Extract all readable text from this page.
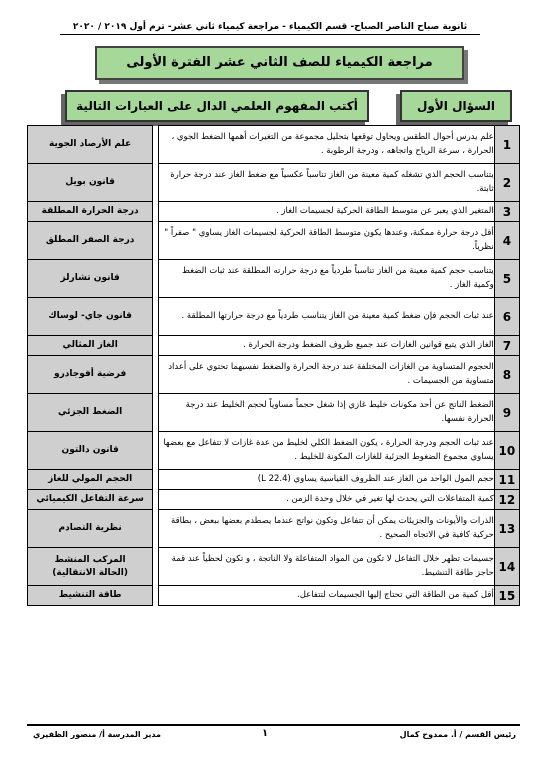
ثانوية صباح الناصر الصباح- قسم الكيمياء - مراجعة كيمياء ثاني عشر- ترم أول ٢٠١٩ / ٢٠٢٠
مراجعة الكيمياء للصف الثاني عشر الفترة الأولى
السؤال الأول
أكتب المفهوم العلمي الدال على العبارات التالية
1	علم يدرس أحوال الطقس ويحاول توقعها بتحليل مجموعة من التغيرات أهمها الضغط الجوي ، الحرارة ، سرعة الرياح واتجاهه ، ودرجة الرطوبة .		علم الأرصاد الجوية

2	يتناسب الحجم الذي تشغله كمية معينة من الغاز تناسباً عكسياً مع ضغط الغاز عند درجة حرارة ثابتة.		قانون بويل

3	المتغير الذي يعبر عن متوسط الطاقة الحركية لجسيمات الغاز .		درجة الحرارة المطلقة

4	أقل درجة حرارة ممكنة، وعندها يكون متوسط الطاقة الحركية لجسيمات الغاز يساوي " صفراً " نظرياً.		درجة الصفر المطلق

5	يتناسب حجم كمية معينة من الغاز تناسباً طردياً مع درجة حرارته المطلقة عند ثبات الضغط وكمية الغاز .		قانون تشارلز

6	عند ثبات الحجم فإن ضغط كمية معينة من الغاز يتناسب طردياً مع درجة حرارتها المطلقة .		قانون جاي- لوساك

7	الغاز الذي يتبع قوانين الغازات عند جميع ظروف الضغط ودرجة الحرارة .		الغاز المثالي

8	الحجوم المتساوية من الغازات المختلفة عند درجة الحرارة والضغط نفسيهما تحتوي على أعداد متساوية من الجسيمات .		فرضية أفوجادرو

9	الضغط الناتج عن أحد مكونات خليط غازي إذا شغل حجماً مساوياً لحجم الخليط عند درجة الحرارة نفسها.		الضغط الجزئي

10	عند ثبات الحجم ودرجة الحرارة ، يكون الضغط الكلي لخليط من عدة غازات لا تتفاعل مع بعضها يساوي مجموع الضغوط الجزئية للغازات المكونة للخليط .		قانون دالتون

11	حجم المول الواحد من الغاز عند الظروف القياسية يساوي (22.4 L)		الحجم المولي للغاز

12	كمية المتفاعلات التي يحدث لها تغير في خلال وحدة الزمن .		سرعة التفاعل الكيميائي

13	الذرات والأيونات والجزيئات يمكن أن تتفاعل وتكون نواتج عندما يصطدم بعضها ببعض ، بطاقة حركية كافية في الاتجاه الصحيح .		نظرية التصادم

14	جسيمات تظهر خلال التفاعل لا تكون من المواد المتفاعلة ولا الناتجة ، و تكون لحظياً عند قمة حاجز طاقة التنشيط.		المركب المنشط
(الحالة الانتقالية)

15	أقل كمية من الطاقة التي تحتاج إليها الجسيمات لتتفاعل.		طاقة التنشيط
رئيس القسم / أ. ممدوح كمال
١
مدير المدرسة أ/ منصور الظفيري
